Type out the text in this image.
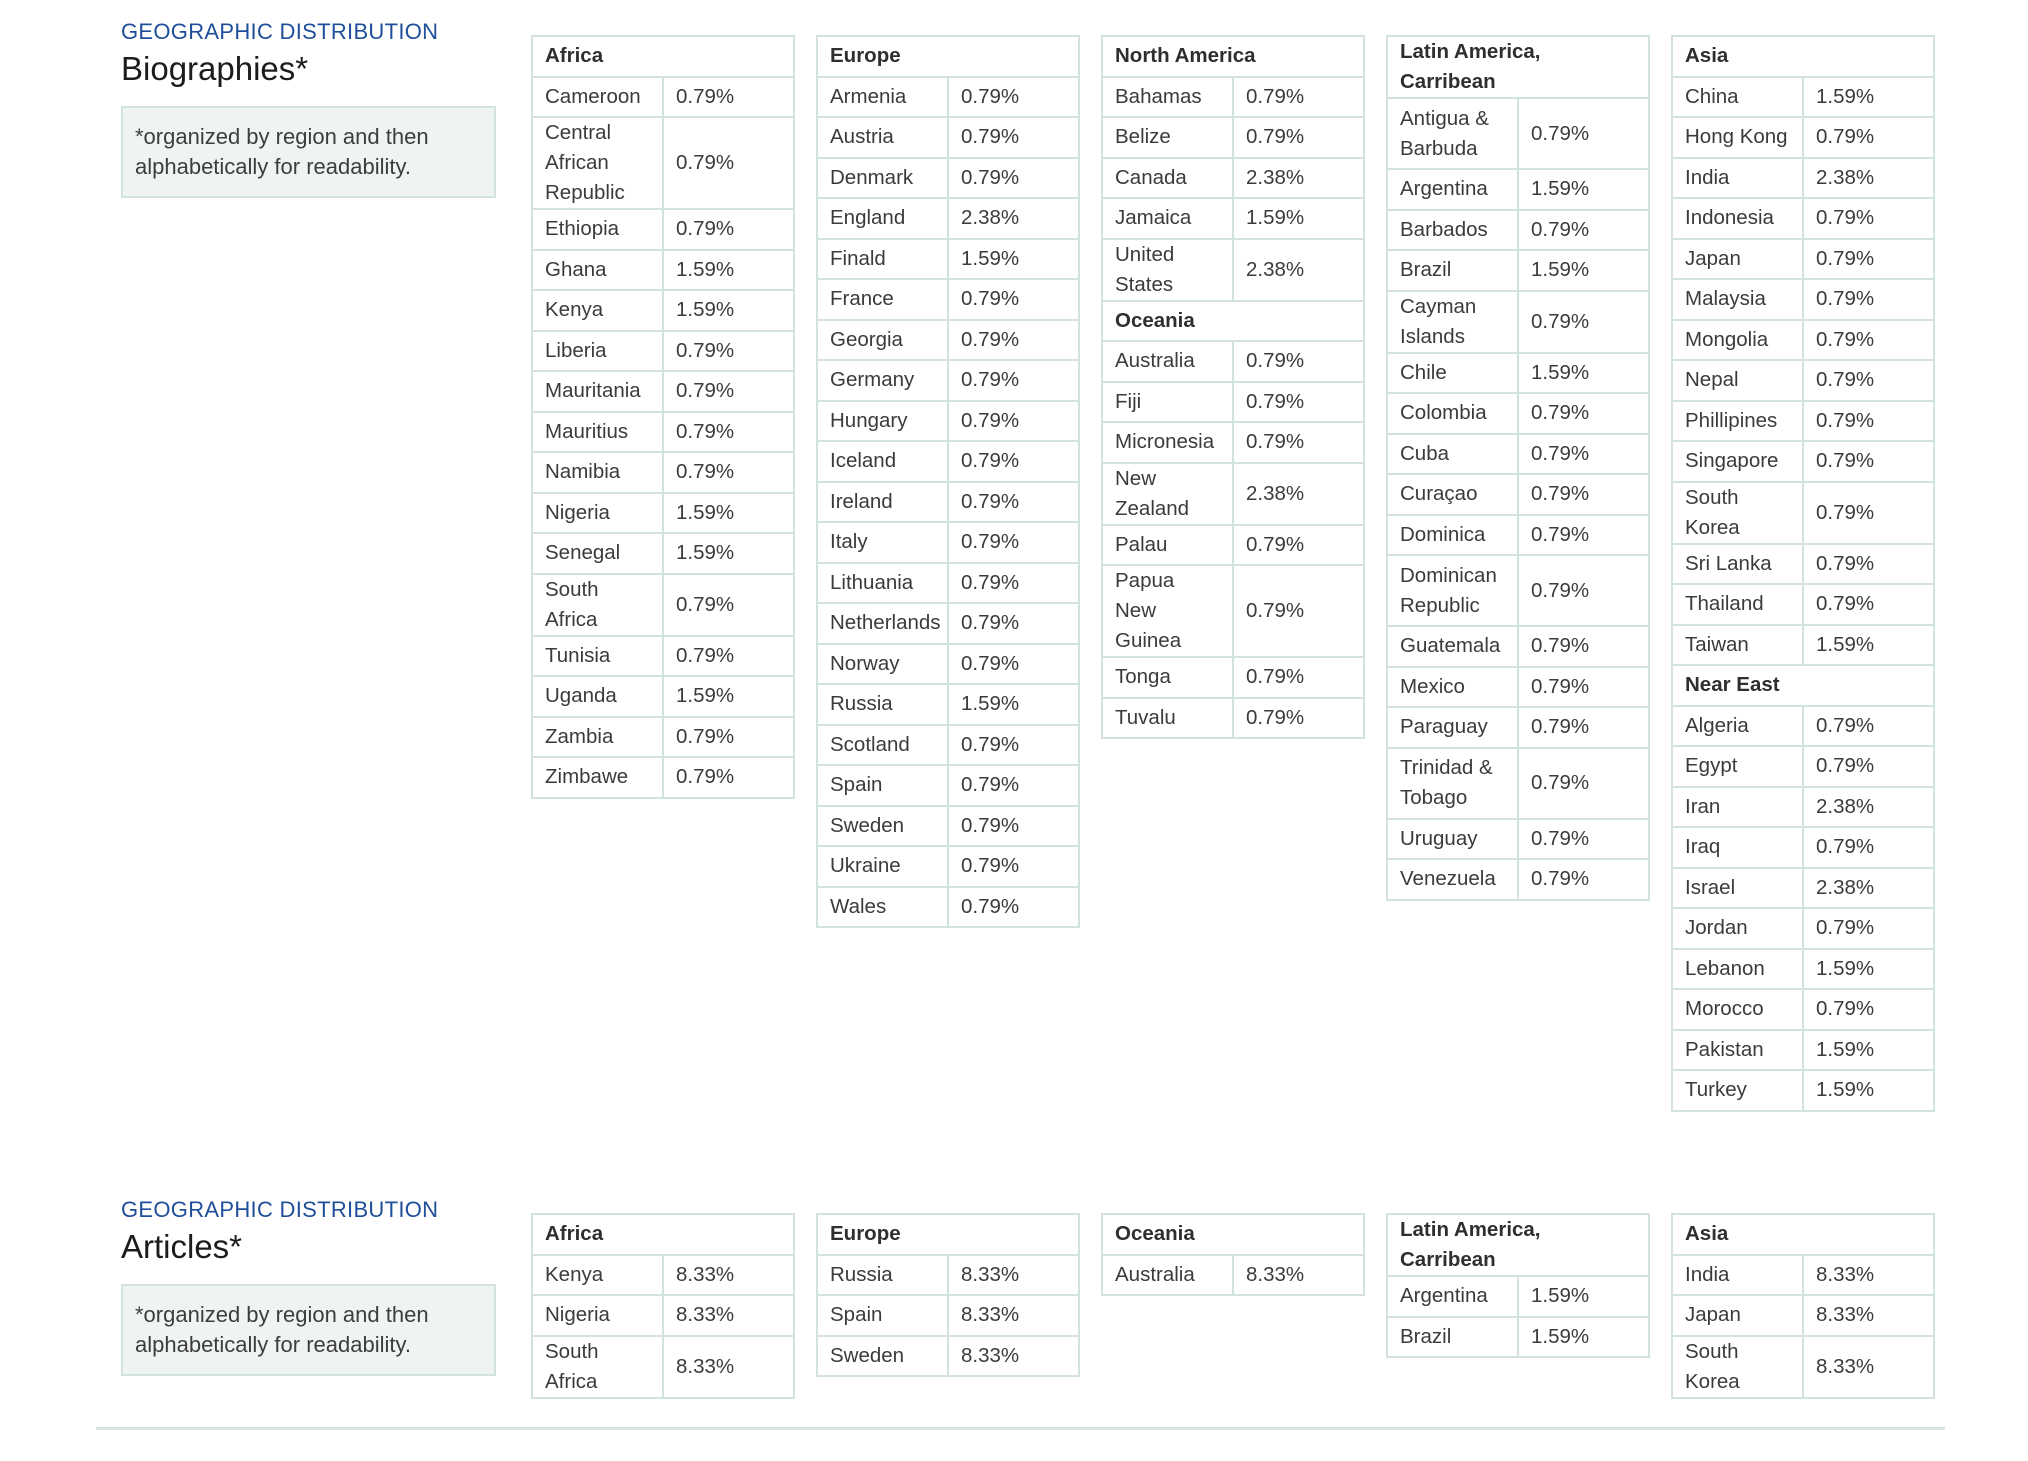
GEOGRAPHIC DISTRIBUTION
Biographies*
*organized by region and then alphabetically for readability.
Africa	
Cameroon	0.79%
Central African Republic	0.79%
Ethiopia	0.79%
Ghana	1.59%
Kenya	1.59%
Liberia	0.79%
Mauritania	0.79%
Mauritius	0.79%
Namibia	0.79%
Nigeria	1.59%
Senegal	1.59%
South Africa	0.79%
Tunisia	0.79%
Uganda	1.59%
Zambia	0.79%
Zimbawe	0.79%
Europe	
Armenia	0.79%
Austria	0.79%
Denmark	0.79%
England	2.38%
Finald	1.59%
France	0.79%
Georgia	0.79%
Germany	0.79%
Hungary	0.79%
Iceland	0.79%
Ireland	0.79%
Italy	0.79%
Lithuania	0.79%
Netherlands	0.79%
Norway	0.79%
Russia	1.59%
Scotland	0.79%
Spain	0.79%
Sweden	0.79%
Ukraine	0.79%
Wales	0.79%
North America	
Bahamas	0.79%
Belize	0.79%
Canada	2.38%
Jamaica	1.59%
United States	2.38%
Oceania	
Australia	0.79%
Fiji	0.79%
Micronesia	0.79%
New Zealand	2.38%
Palau	0.79%
Papua New Guinea	0.79%
Tonga	0.79%
Tuvalu	0.79%
Latin America, Carribean	
Antigua & Barbuda	0.79%
Argentina	1.59%
Barbados	0.79%
Brazil	1.59%
Cayman Islands	0.79%
Chile	1.59%
Colombia	0.79%
Cuba	0.79%
Curaçao	0.79%
Dominica	0.79%
Dominican Republic	0.79%
Guatemala	0.79%
Mexico	0.79%
Paraguay	0.79%
Trinidad & Tobago	0.79%
Uruguay	0.79%
Venezuela	0.79%
Asia	
China	1.59%
Hong Kong	0.79%
India	2.38%
Indonesia	0.79%
Japan	0.79%
Malaysia	0.79%
Mongolia	0.79%
Nepal	0.79%
Phillipines	0.79%
Singapore	0.79%
South Korea	0.79%
Sri Lanka	0.79%
Thailand	0.79%
Taiwan	1.59%
Near East	
Algeria	0.79%
Egypt	0.79%
Iran	2.38%
Iraq	0.79%
Israel	2.38%
Jordan	0.79%
Lebanon	1.59%
Morocco	0.79%
Pakistan	1.59%
Turkey	1.59%
GEOGRAPHIC DISTRIBUTION
Articles*
*organized by region and then alphabetically for readability.
Africa	
Kenya	8.33%
Nigeria	8.33%
South Africa	8.33%
Europe	
Russia	8.33%
Spain	8.33%
Sweden	8.33%
Oceania
Australia	8.33%
Latin America, Carribean	
Argentina	1.59%
Brazil	1.59%
Asia	
India	8.33%
Japan	8.33%
South Korea	8.33%
